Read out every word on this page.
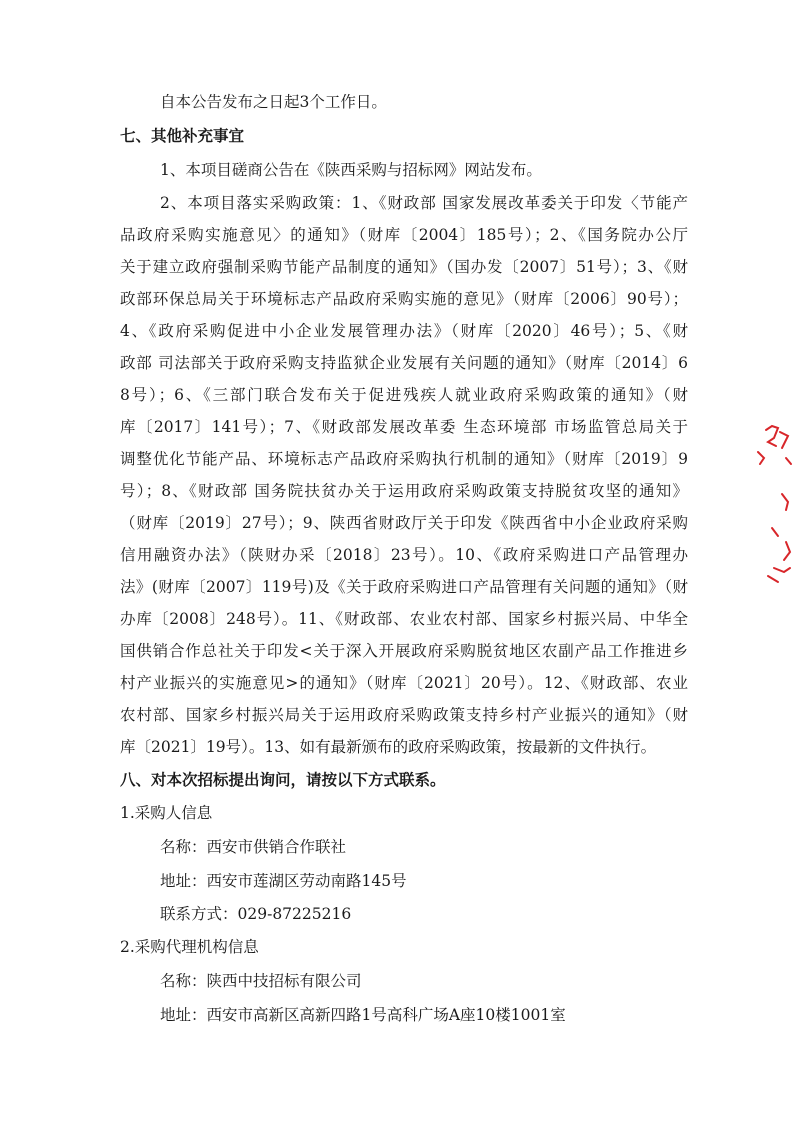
自本公告发布之日起3个工作日。
七、其他补充事宜
1、本项目磋商公告在《陕西采购与招标网》网站发布。
2、本项目落实采购政策：1、《财政部 国家发展改革委关于印发〈节能产
品政府采购实施意见〉的通知》（财库〔2004〕185号）；2、《国务院办公厅
关于建立政府强制采购节能产品制度的通知》（国办发〔2007〕51号）；3、《财
政部环保总局关于环境标志产品政府采购实施的意见》（财库〔2006〕90号）；
4、《政府采购促进中小企业发展管理办法》（财库〔2020〕46号）；5、《财
政部 司法部关于政府采购支持监狱企业发展有关问题的通知》（财库〔2014〕6
8号）；6、《三部门联合发布关于促进残疾人就业政府采购政策的通知》（财
库〔2017〕141号）；7、《财政部发展改革委 生态环境部 市场监管总局关于
调整优化节能产品、环境标志产品政府采购执行机制的通知》（财库〔2019〕9
号）；8、《财政部 国务院扶贫办关于运用政府采购政策支持脱贫攻坚的通知》
（财库〔2019〕27号）；9、陕西省财政厅关于印发《陕西省中小企业政府采购
信用融资办法》（陕财办采〔2018〕23号）。10、《政府采购进口产品管理办
法》(财库〔2007〕119号)及《关于政府采购进口产品管理有关问题的通知》（财
办库〔2008〕248号）。11、《财政部、农业农村部、国家乡村振兴局、中华全
国供销合作总社关于印发<关于深入开展政府采购脱贫地区农副产品工作推进乡
村产业振兴的实施意见>的通知》（财库〔2021〕20号）。12、《财政部、农业
农村部、国家乡村振兴局关于运用政府采购政策支持乡村产业振兴的通知》（财
库〔2021〕19号）。13、如有最新颁布的政府采购政策，按最新的文件执行。
八、对本次招标提出询问，请按以下方式联系。
1.采购人信息
名称：西安市供销合作联社
地址：西安市莲湖区劳动南路145号
联系方式：029-87225216
2.采购代理机构信息
名称：陕西中技招标有限公司
地址：西安市高新区高新四路1号高科广场A座10楼1001室
